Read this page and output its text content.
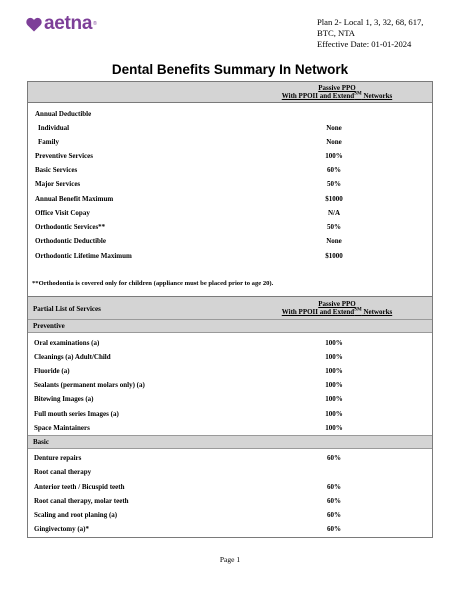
aetna ®	Plan 2- Local 1, 3, 32, 68, 617,
BTC, NTA
Effective Date: 01-01-2024
Dental Benefits Summary In Network
Passive PPO
With PPOII and Extend℠ Networks
Annual Deductible
Individual	None
Family	None
Preventive Services	100%
Basic Services	60%
Major Services	50%
Annual Benefit Maximum	$1000
Office Visit Copay	N/A
Orthodontic Services**	50%
Orthodontic Deductible	None
Orthodontic Lifetime Maximum	$1000
**Orthodontia is covered only for children (appliance must be placed prior to age 20).
Partial List of Services
Passive PPO
With PPOII and Extend℠ Networks
Preventive
Oral examinations (a)	100%
Cleanings (a) Adult/Child	100%
Fluoride (a)	100%
Sealants (permanent molars only) (a)	100%
Bitewing Images (a)	100%
Full mouth series Images (a)	100%
Space Maintainers	100%
Basic
Denture repairs	60%
Root canal therapy
Anterior teeth / Bicuspid teeth	60%
Root canal therapy, molar teeth	60%
Scaling and root planing (a)	60%
Gingivectomy (a)*	60%
Page 1
